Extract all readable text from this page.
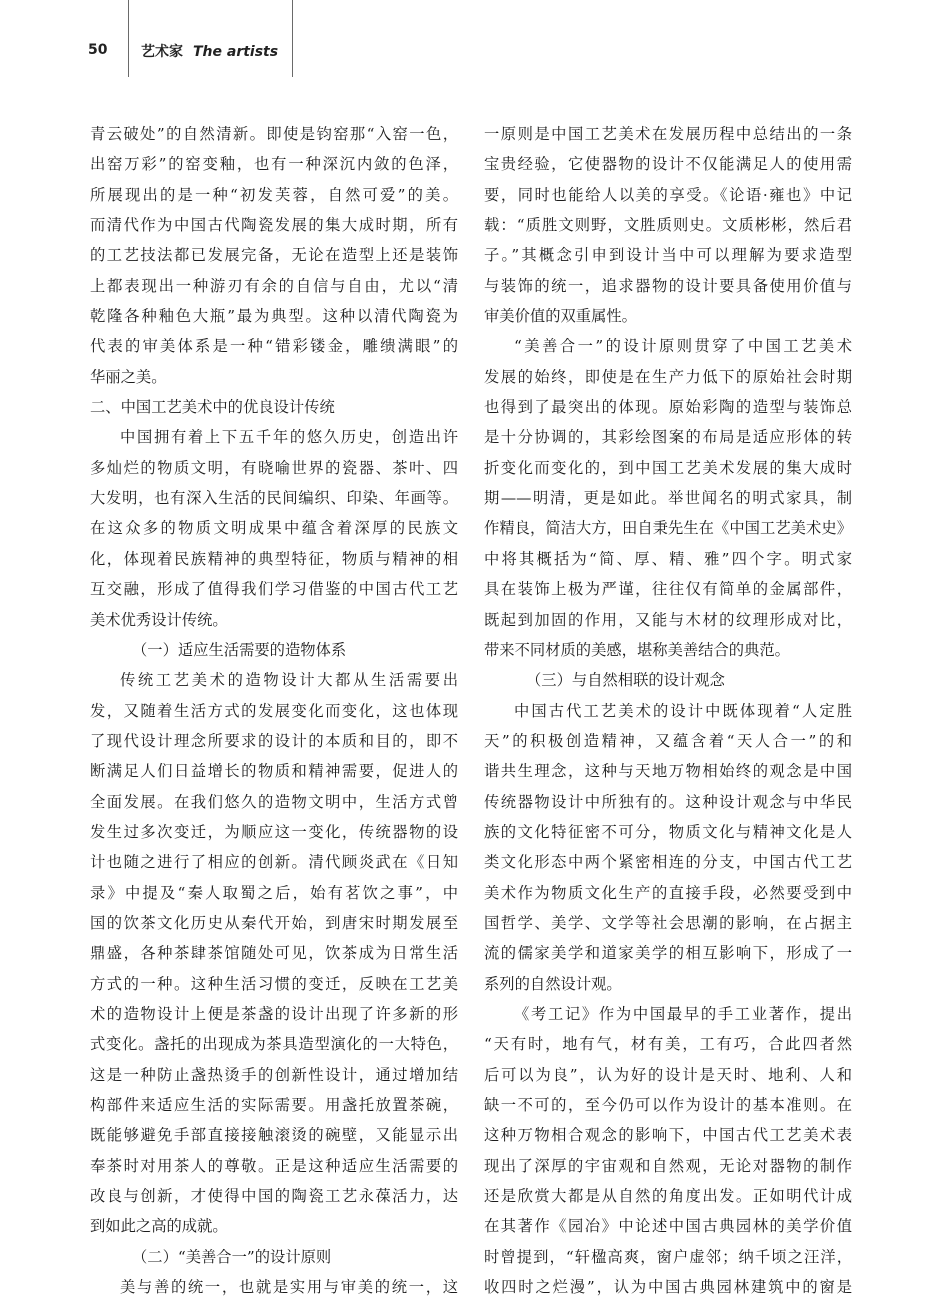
50 艺术家 The artists
青云破处”的自然清新。即使是钧窑那“入窑一色，
出窑万彩”的窑变釉，也有一种深沉内敛的色泽，
所展现出的是一种“初发芙蓉，自然可爱”的美。
而清代作为中国古代陶瓷发展的集大成时期，所有
的工艺技法都已发展完备，无论在造型上还是装饰
上都表现出一种游刃有余的自信与自由，尤以“清
乾隆各种釉色大瓶”最为典型。这种以清代陶瓷为
代表的审美体系是一种“错彩镂金，雕缋满眼”的
华丽之美。
二、中国工艺美术中的优良设计传统
中国拥有着上下五千年的悠久历史，创造出许
多灿烂的物质文明，有晓喻世界的瓷器、茶叶、四
大发明，也有深入生活的民间编织、印染、年画等。
在这众多的物质文明成果中蕴含着深厚的民族文
化，体现着民族精神的典型特征，物质与精神的相
互交融，形成了值得我们学习借鉴的中国古代工艺
美术优秀设计传统。
（一）适应生活需要的造物体系
传统工艺美术的造物设计大都从生活需要出
发，又随着生活方式的发展变化而变化，这也体现
了现代设计理念所要求的设计的本质和目的，即不
断满足人们日益增长的物质和精神需要，促进人的
全面发展。在我们悠久的造物文明中，生活方式曾
发生过多次变迁，为顺应这一变化，传统器物的设
计也随之进行了相应的创新。清代顾炎武在《日知
录》中提及“秦人取蜀之后，始有茗饮之事”，中
国的饮茶文化历史从秦代开始，到唐宋时期发展至
鼎盛，各种茶肆茶馆随处可见，饮茶成为日常生活
方式的一种。这种生活习惯的变迁，反映在工艺美
术的造物设计上便是茶盏的设计出现了许多新的形
式变化。盏托的出现成为茶具造型演化的一大特色，
这是一种防止盏热烫手的创新性设计，通过增加结
构部件来适应生活的实际需要。用盏托放置茶碗，
既能够避免手部直接接触滚烫的碗壁，又能显示出
奉茶时对用茶人的尊敬。正是这种适应生活需要的
改良与创新，才使得中国的陶瓷工艺永葆活力，达
到如此之高的成就。
（二）“美善合一”的设计原则
美与善的统一，也就是实用与审美的统一，这
一原则是中国工艺美术在发展历程中总结出的一条
宝贵经验，它使器物的设计不仅能满足人的使用需
要，同时也能给人以美的享受。《论语·雍也》中记
载：“质胜文则野，文胜质则史。文质彬彬，然后君
子。”其概念引申到设计当中可以理解为要求造型
与装饰的统一，追求器物的设计要具备使用价值与
审美价值的双重属性。
“美善合一”的设计原则贯穿了中国工艺美术
发展的始终，即使是在生产力低下的原始社会时期
也得到了最突出的体现。原始彩陶的造型与装饰总
是十分协调的，其彩绘图案的布局是适应形体的转
折变化而变化的，到中国工艺美术发展的集大成时
期——明清，更是如此。举世闻名的明式家具，制
作精良，简洁大方，田自秉先生在《中国工艺美术史》
中将其概括为“简、厚、精、雅”四个字。明式家
具在装饰上极为严谨，往往仅有简单的金属部件，
既起到加固的作用，又能与木材的纹理形成对比，
带来不同材质的美感，堪称美善结合的典范。
（三）与自然相联的设计观念
中国古代工艺美术的设计中既体现着“人定胜
天”的积极创造精神，又蕴含着“天人合一”的和
谐共生理念，这种与天地万物相始终的观念是中国
传统器物设计中所独有的。这种设计观念与中华民
族的文化特征密不可分，物质文化与精神文化是人
类文化形态中两个紧密相连的分支，中国古代工艺
美术作为物质文化生产的直接手段，必然要受到中
国哲学、美学、文学等社会思潮的影响，在占据主
流的儒家美学和道家美学的相互影响下，形成了一
系列的自然设计观。
《考工记》作为中国最早的手工业著作，提出
“天有时，地有气，材有美，工有巧，合此四者然
后可以为良”，认为好的设计是天时、地利、人和
缺一不可的，至今仍可以作为设计的基本准则。在
这种万物相合观念的影响下，中国古代工艺美术表
现出了深厚的宇宙观和自然观，无论对器物的制作
还是欣赏大都是从自然的角度出发。正如明代计成
在其著作《园冶》中论述中国古典园林的美学价值
时曾提到，“轩楹高爽，窗户虚邻；纳千顷之汪洋，
收四时之烂漫”，认为中国古典园林建筑中的窗是
